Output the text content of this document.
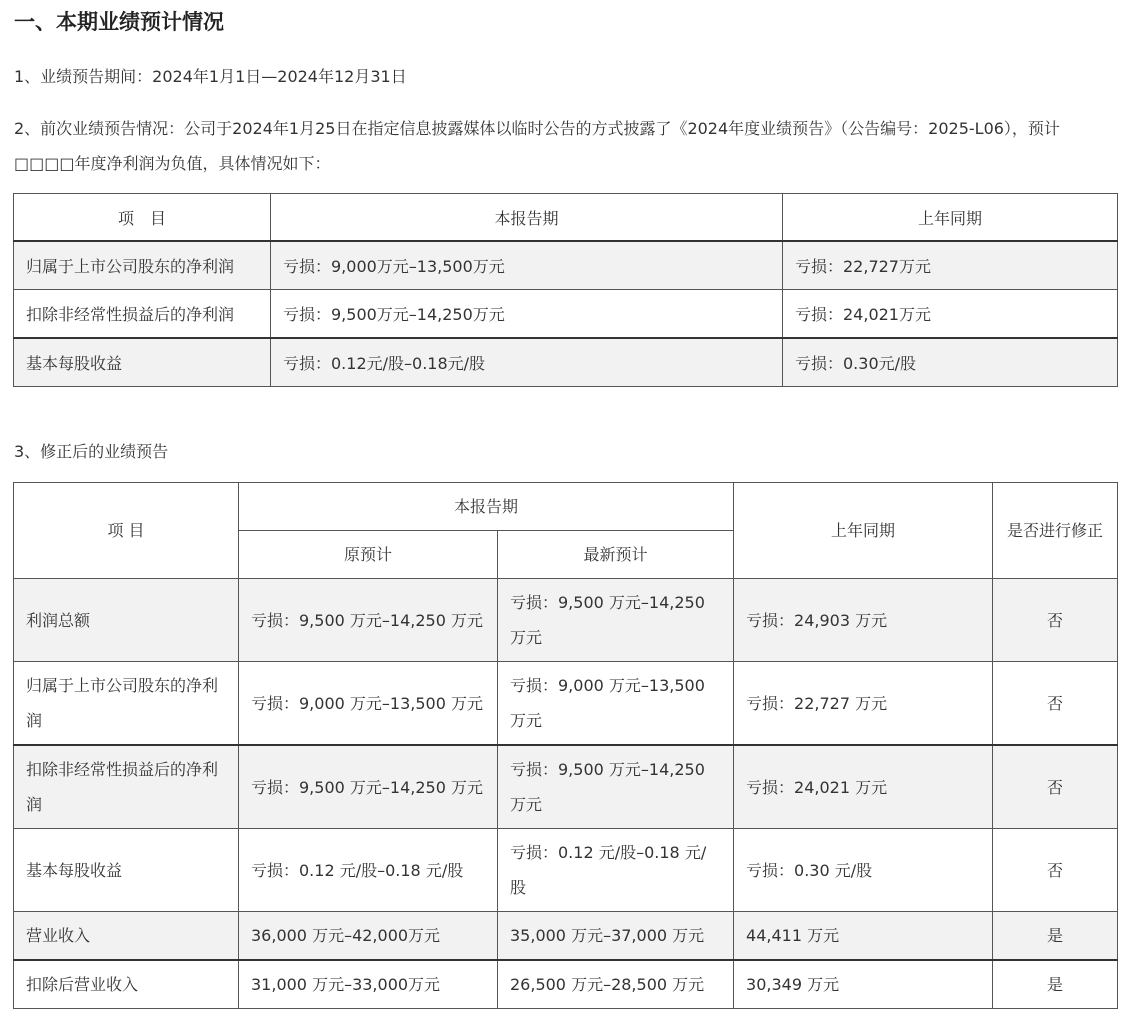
一、本期业绩预计情况
1、业绩预告期间：2024年1月1日—2024年12月31日
2、前次业绩预告情况：公司于2024年1月25日在指定信息披露媒体以临时公告的方式披露了《2024年度业绩预告》（公告编号：2025-L06），预计
□□□□年度净利润为负值，具体情况如下：
项　目	本报告期	上年同期
归属于上市公司股东的净利润	亏损：9,000万元–13,500万元	亏损：22,727万元
扣除非经常性损益后的净利润	亏损：9,500万元–14,250万元	亏损：24,021万元
基本每股收益	亏损：0.12元/股–0.18元/股	亏损：0.30元/股
3、修正后的业绩预告
项 目	本报告期		上年同期	是否进行修正
	原预计	最新预计		
利润总额	亏损：9,500 万元–14,250 万元	亏损：9,500 万元–14,250 万元	亏损：24,903 万元	否
归属于上市公司股东的净利润	亏损：9,000 万元–13,500 万元	亏损：9,000 万元–13,500 万元	亏损：22,727 万元	否
扣除非经常性损益后的净利润	亏损：9,500 万元–14,250 万元	亏损：9,500 万元–14,250 万元	亏损：24,021 万元	否
基本每股收益	亏损：0.12 元/股–0.18 元/股	亏损：0.12 元/股–0.18 元/股	亏损：0.30 元/股	否
营业收入	36,000 万元–42,000万元	35,000 万元–37,000 万元	44,411 万元	是
扣除后营业收入	31,000 万元–33,000万元	26,500 万元–28,500 万元	30,349 万元	是
